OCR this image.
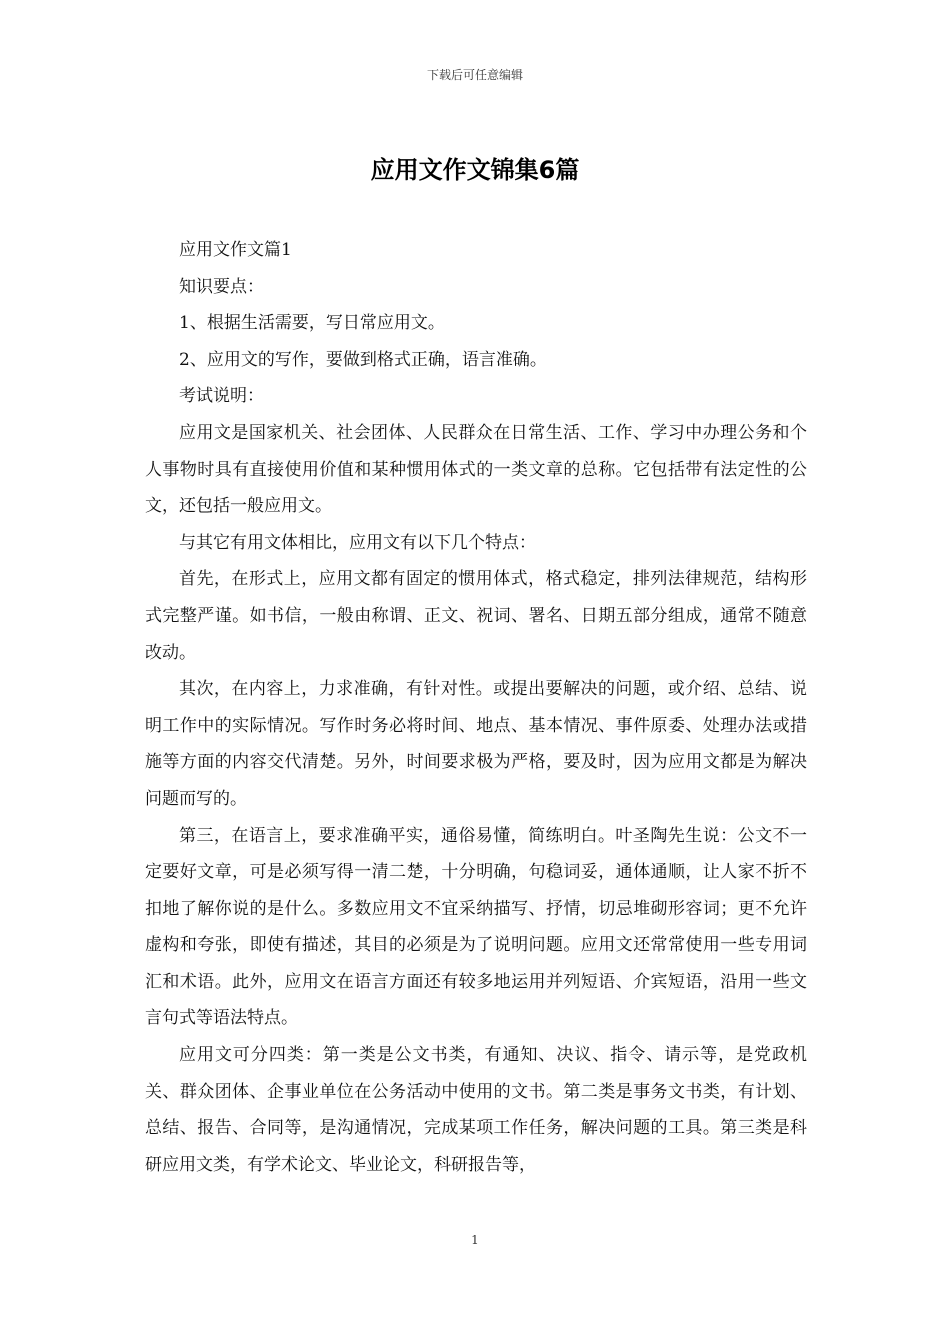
下载后可任意编辑
应用文作文锦集6篇

应用文作文篇1

知识要点：

1、根据生活需要，写日常应用文。

2、应用文的写作，要做到格式正确，语言准确。

考试说明：

应用文是国家机关、社会团体、人民群众在日常生活、工作、学习中办理公务和个人事物时具有直接使用价值和某种惯用体式的一类文章的总称。它包括带有法定性的公文，还包括一般应用文。

与其它有用文体相比，应用文有以下几个特点：

首先，在形式上，应用文都有固定的惯用体式，格式稳定，排列法律规范，结构形式完整严谨。如书信，一般由称谓、正文、祝词、署名、日期五部分组成，通常不随意改动。

其次，在内容上，力求准确，有针对性。或提出要解决的问题，或介绍、总结、说明工作中的实际情况。写作时务必将时间、地点、基本情况、事件原委、处理办法或措施等方面的内容交代清楚。另外，时间要求极为严格，要及时，因为应用文都是为解决问题而写的。

第三，在语言上，要求准确平实，通俗易懂，简练明白。叶圣陶先生说：公文不一定要好文章，可是必须写得一清二楚，十分明确，句稳词妥，通体通顺，让人家不折不扣地了解你说的是什么。多数应用文不宜采纳描写、抒情，切忌堆砌形容词；更不允许虚构和夸张，即使有描述，其目的必须是为了说明问题。应用文还常常使用一些专用词汇和术语。此外，应用文在语言方面还有较多地运用并列短语、介宾短语，沿用一些文言句式等语法特点。

应用文可分四类：第一类是公文书类，有通知、决议、指令、请示等，是党政机关、群众团体、企事业单位在公务活动中使用的文书。第二类是事务文书类，有计划、总结、报告、合同等，是沟通情况，完成某项工作任务，解决问题的工具。第三类是科研应用文类，有学术论文、毕业论文，科研报告等，

1
